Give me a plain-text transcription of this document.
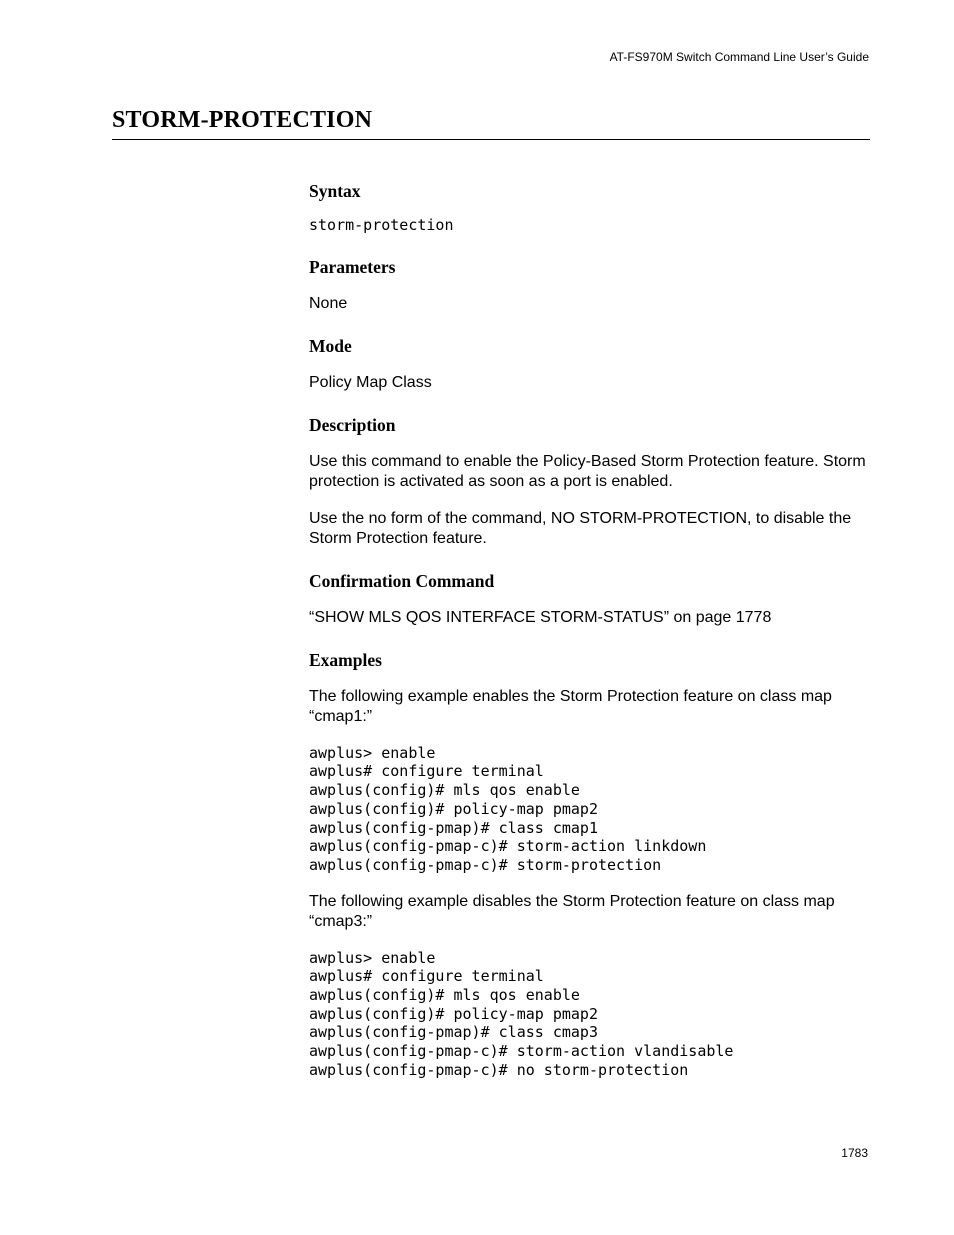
AT-FS970M Switch Command Line User’s Guide
STORM-PROTECTION
Syntax
storm-protection
Parameters

None

Mode

Policy Map Class

Description

Use this command to enable the Policy-Based Storm Protection feature. Storm protection is activated as soon as a port is enabled.

Use the no form of the command, NO STORM-PROTECTION, to disable the Storm Protection feature.

Confirmation Command

“SHOW MLS QOS INTERFACE STORM-STATUS” on page 1778

Examples

The following example enables the Storm Protection feature on class map “cmap1:”

awplus> enable
awplus# configure terminal
awplus(config)# mls qos enable
awplus(config)# policy-map pmap2
awplus(config-pmap)# class cmap1
awplus(config-pmap-c)# storm-action linkdown
awplus(config-pmap-c)# storm-protection

The following example disables the Storm Protection feature on class map “cmap3:”

awplus> enable
awplus# configure terminal
awplus(config)# mls qos enable
awplus(config)# policy-map pmap2
awplus(config-pmap)# class cmap3
awplus(config-pmap-c)# storm-action vlandisable
awplus(config-pmap-c)# no storm-protection
1783
